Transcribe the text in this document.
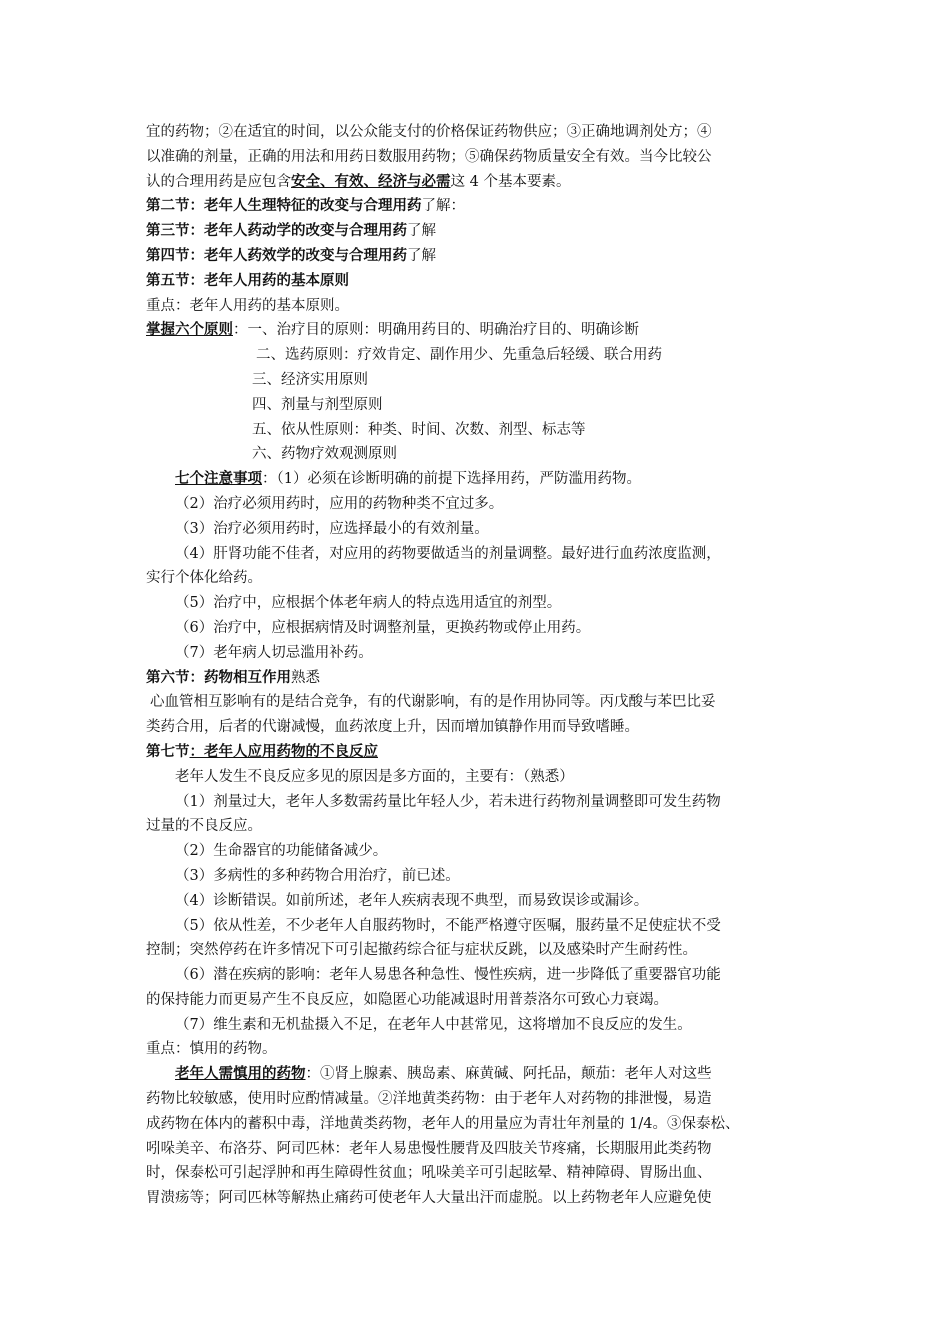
宜的药物；②在适宜的时间，以公众能支付的价格保证药物供应；③正确地调剂处方；④
以准确的剂量，正确的用法和用药日数服用药物；⑤确保药物质量安全有效。当今比较公
认的合理用药是应包含安全、有效、经济与必需这 4 个基本要素。
第二节：老年人生理特征的改变与合理用药了解：
第三节：老年人药动学的改变与合理用药了解
第四节：老年人药效学的改变与合理用药了解
第五节：老年人用药的基本原则
重点：老年人用药的基本原则。
掌握六个原则：一、治疗目的原则：明确用药目的、明确治疗目的、明确诊断
二、选药原则：疗效肯定、副作用少、先重急后轻缓、联合用药
三、经济实用原则
四、剂量与剂型原则
五、依从性原则：种类、时间、次数、剂型、标志等
六、药物疗效观测原则
七个注意事项：（1）必须在诊断明确的前提下选择用药，严防滥用药物。
（2）治疗必须用药时，应用的药物种类不宜过多。
（3）治疗必须用药时，应选择最小的有效剂量。
（4）肝肾功能不佳者，对应用的药物要做适当的剂量调整。最好进行血药浓度监测，
实行个体化给药。
（5）治疗中，应根据个体老年病人的特点选用适宜的剂型。
（6）治疗中，应根据病情及时调整剂量，更换药物或停止用药。
（7）老年病人切忌滥用补药。
第六节：药物相互作用熟悉
心血管相互影响有的是结合竞争，有的代谢影响，有的是作用协同等。丙戊酸与苯巴比妥
类药合用，后者的代谢减慢，血药浓度上升，因而增加镇静作用而导致嗜睡。
第七节：老年人应用药物的不良反应
老年人发生不良反应多见的原因是多方面的，主要有：（熟悉）
（1）剂量过大，老年人多数需药量比年轻人少，若未进行药物剂量调整即可发生药物
过量的不良反应。
（2）生命器官的功能储备减少。
（3）多病性的多种药物合用治疗，前已述。
（4）诊断错误。如前所述，老年人疾病表现不典型，而易致误诊或漏诊。
（5）依从性差，不少老年人自服药物时，不能严格遵守医嘱，服药量不足使症状不受
控制；突然停药在许多情况下可引起撤药综合征与症状反跳，以及感染时产生耐药性。
（6）潜在疾病的影响：老年人易患各种急性、慢性疾病，进一步降低了重要器官功能
的保持能力而更易产生不良反应，如隐匿心功能减退时用普萘洛尔可致心力衰竭。
（7）维生素和无机盐摄入不足，在老年人中甚常见，这将增加不良反应的发生。
重点：慎用的药物。
老年人需慎用的药物：①肾上腺素、胰岛素、麻黄碱、阿托品，颠茄：老年人对这些
药物比较敏感，使用时应酌情减量。②洋地黄类药物：由于老年人对药物的排泄慢，易造
成药物在体内的蓄积中毒，洋地黄类药物，老年人的用量应为青壮年剂量的 1/4。③保泰松、
吲哚美辛、布洛芬、阿司匹林：老年人易患慢性腰背及四肢关节疼痛，长期服用此类药物
时，保泰松可引起浮肿和再生障碍性贫血；吼哚美辛可引起眩晕、精神障碍、胃肠出血、
胃溃疡等；阿司匹林等解热止痛药可使老年人大量出汗而虚脱。以上药物老年人应避免使
